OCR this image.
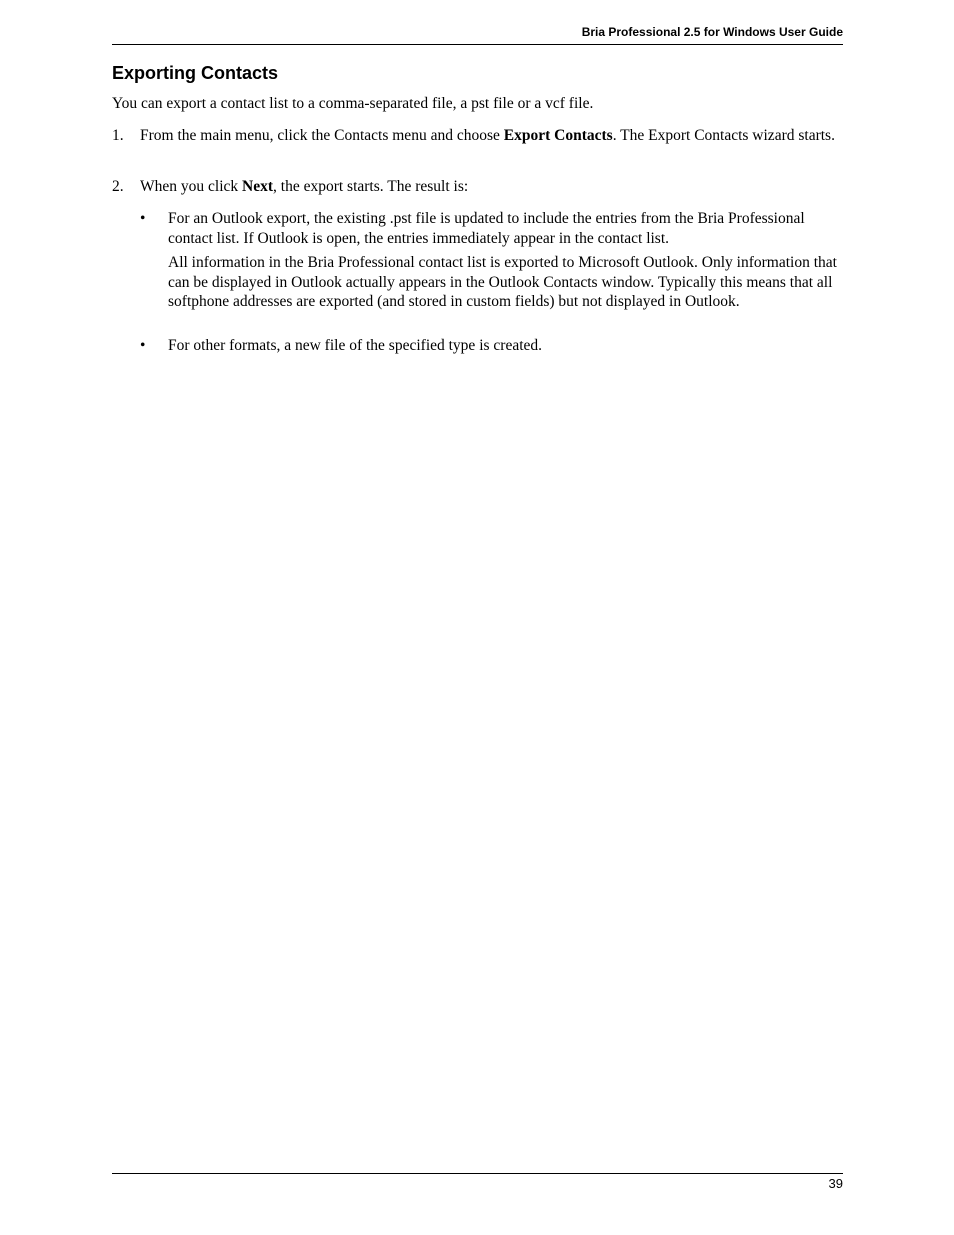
Bria Professional 2.5 for Windows User Guide
Exporting Contacts

You can export a contact list to a comma-separated file, a pst file or a vcf file.

1. From the main menu, click the Contacts menu and choose Export Contacts. The Export Contacts wizard starts.
2. When you click Next, the export starts. The result is:
• For an Outlook export, the existing .pst file is updated to include the entries from the Bria Professional contact list. If Outlook is open, the entries immediately appear in the contact list.

All information in the Bria Professional contact list is exported to Microsoft Outlook. Only information that can be displayed in Outlook actually appears in the Outlook Contacts window. Typically this means that all softphone addresses are exported (and stored in custom fields) but not displayed in Outlook.

• For other formats, a new file of the specified type is created.
39
